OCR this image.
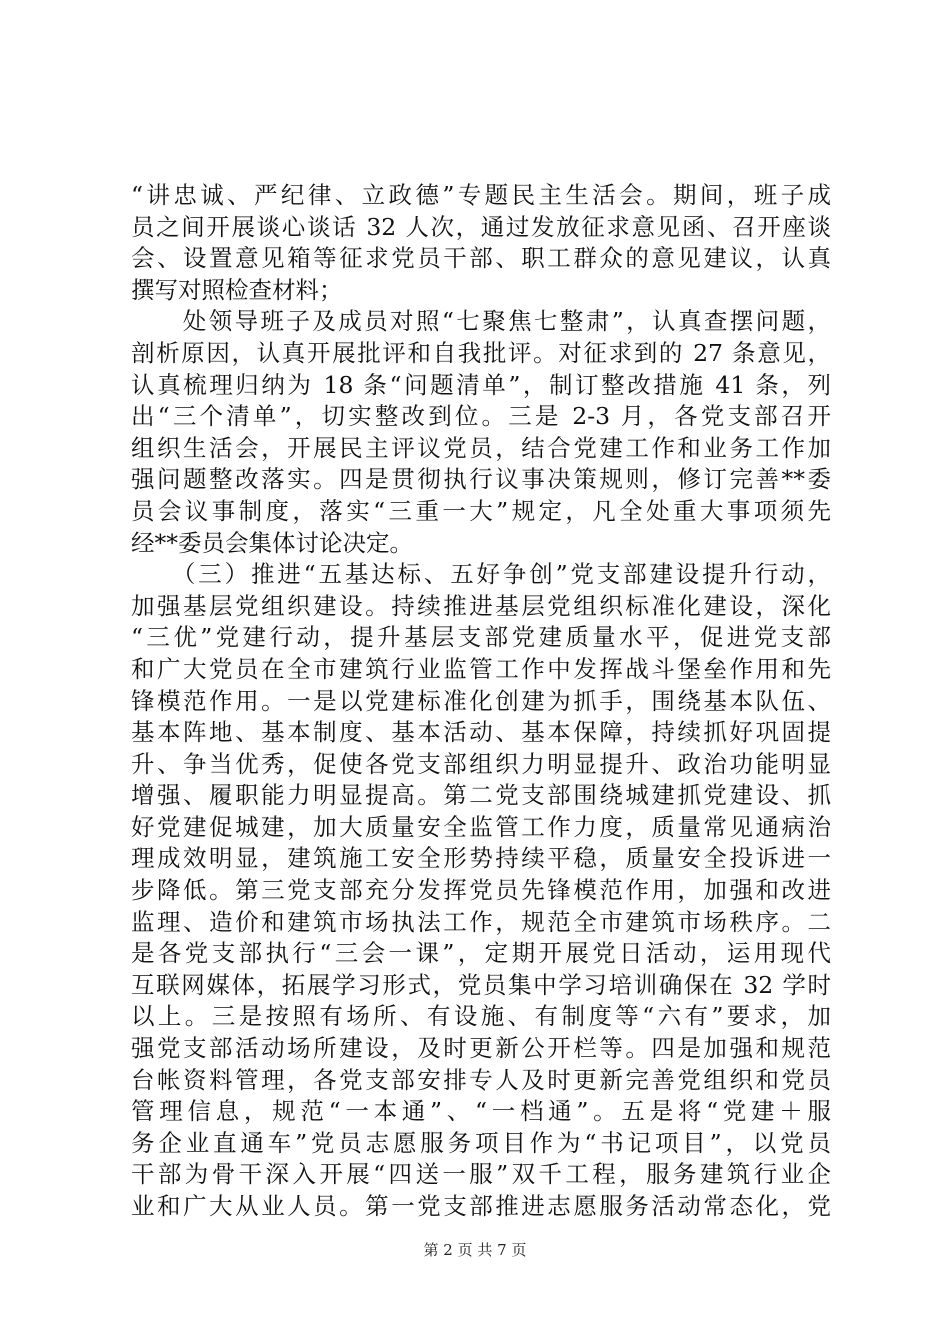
“讲忠诚、严纪律、立政德”专题民主生活会。期间，班子成
员之间开展谈心谈话 32 人次，通过发放征求意见函、召开座谈
会、设置意见箱等征求党员干部、职工群众的意见建议，认真
撰写对照检查材料；
　　处领导班子及成员对照“七聚焦七整肃”，认真查摆问题，
剖析原因，认真开展批评和自我批评。对征求到的 27 条意见，
认真梳理归纳为 18 条“问题清单”，制订整改措施 41 条，列
出“三个清单”，切实整改到位。三是 2-3 月，各党支部召开
组织生活会，开展民主评议党员，结合党建工作和业务工作加
强问题整改落实。四是贯彻执行议事决策规则，修订完善**委
员会议事制度，落实“三重一大”规定，凡全处重大事项须先
经**委员会集体讨论决定。
　　（三）推进“五基达标、五好争创”党支部建设提升行动，
加强基层党组织建设。持续推进基层党组织标准化建设，深化
“三优”党建行动，提升基层支部党建质量水平，促进党支部
和广大党员在全市建筑行业监管工作中发挥战斗堡垒作用和先
锋模范作用。一是以党建标准化创建为抓手，围绕基本队伍、
基本阵地、基本制度、基本活动、基本保障，持续抓好巩固提
升、争当优秀，促使各党支部组织力明显提升、政治功能明显
增强、履职能力明显提高。第二党支部围绕城建抓党建设、抓
好党建促城建，加大质量安全监管工作力度，质量常见通病治
理成效明显，建筑施工安全形势持续平稳，质量安全投诉进一
步降低。第三党支部充分发挥党员先锋模范作用，加强和改进
监理、造价和建筑市场执法工作，规范全市建筑市场秩序。二
是各党支部执行“三会一课”，定期开展党日活动，运用现代
互联网媒体，拓展学习形式，党员集中学习培训确保在 32 学时
以上。三是按照有场所、有设施、有制度等“六有”要求，加
强党支部活动场所建设，及时更新公开栏等。四是加强和规范
台帐资料管理，各党支部安排专人及时更新完善党组织和党员
管理信息，规范“一本通”、“一档通”。五是将“党建＋服
务企业直通车”党员志愿服务项目作为“书记项目”，以党员
干部为骨干深入开展“四送一服”双千工程，服务建筑行业企
业和广大从业人员。第一党支部推进志愿服务活动常态化，党
第 2 页 共 7 页
